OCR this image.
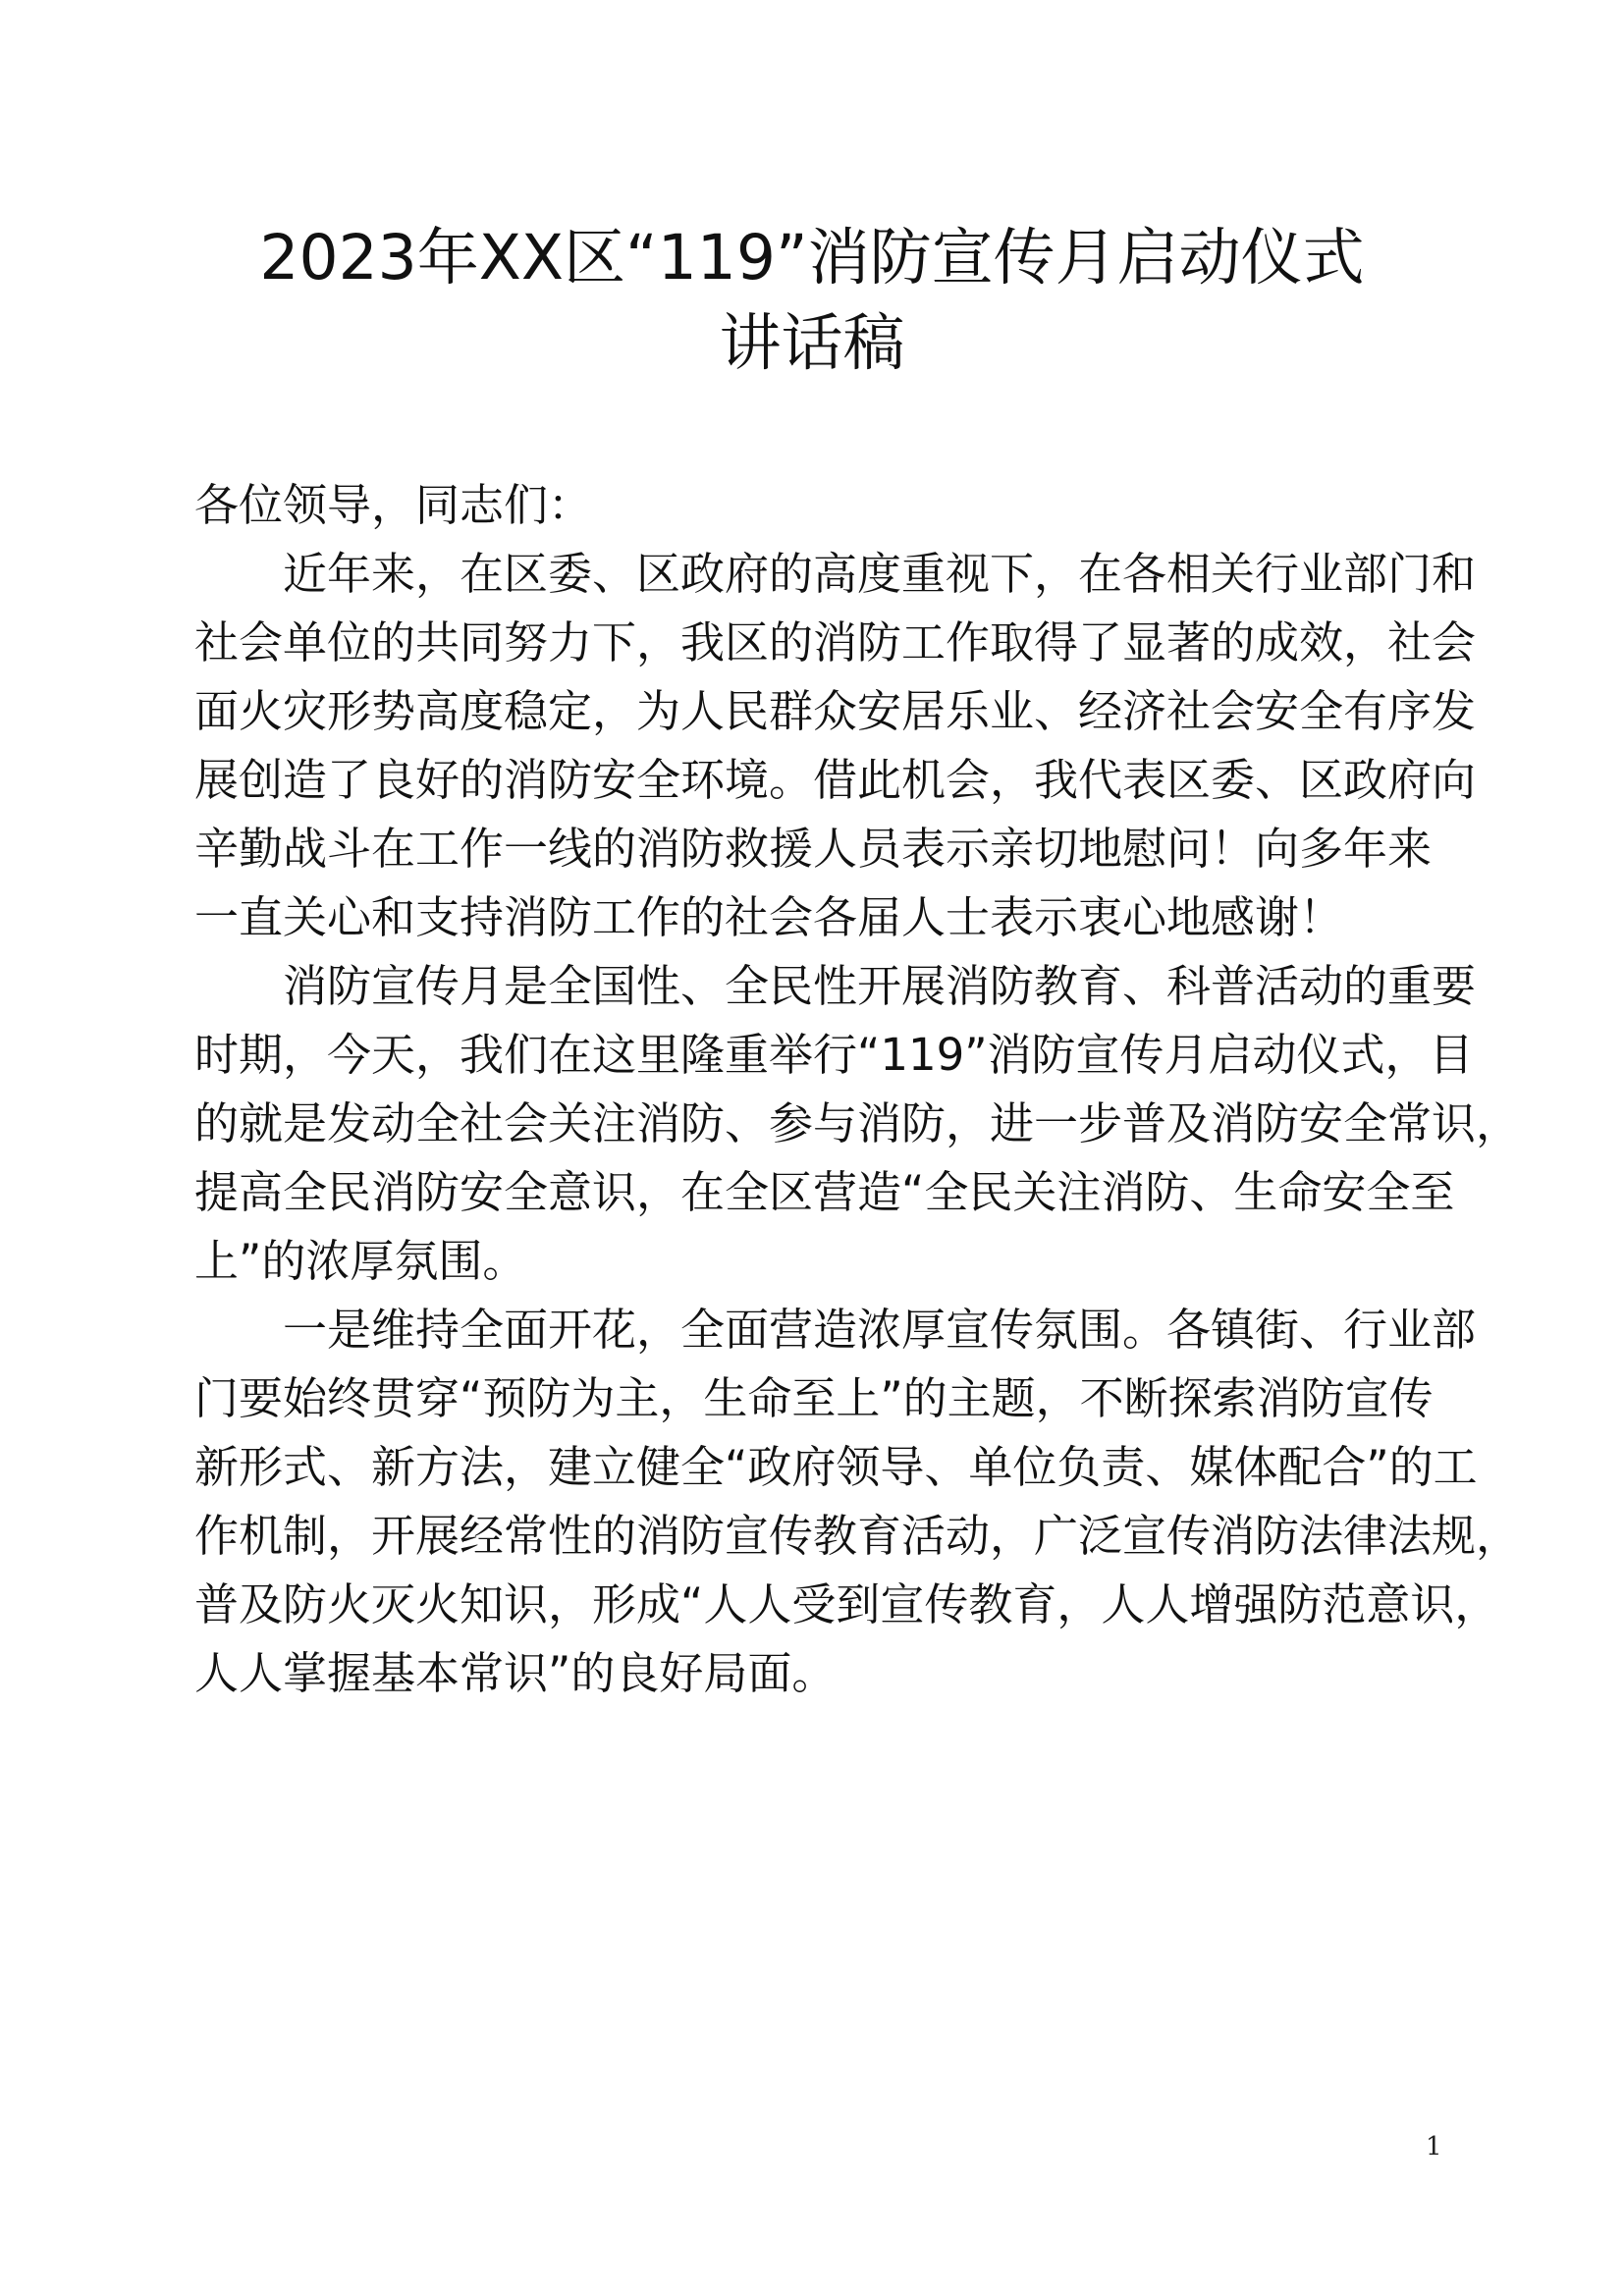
2023年XX区“119”消防宣传月启动仪式
讲话稿

各位领导，同志们：

近年来，在区委、区政府的高度重视下，在各相关行业部门和
社会单位的共同努力下，我区的消防工作取得了显著的成效，社会
面火灾形势高度稳定，为人民群众安居乐业、经济社会安全有序发
展创造了良好的消防安全环境。借此机会，我代表区委、区政府向
辛勤战斗在工作一线的消防救援人员表示亲切地慰问！向多年来
一直关心和支持消防工作的社会各届人士表示衷心地感谢！

消防宣传月是全国性、全民性开展消防教育、科普活动的重要
时期，今天，我们在这里隆重举行“119”消防宣传月启动仪式，目
的就是发动全社会关注消防、参与消防，进一步普及消防安全常识，
提高全民消防安全意识，在全区营造“全民关注消防、生命安全至
上”的浓厚氛围。

一是维持全面开花，全面营造浓厚宣传氛围。各镇街、行业部
门要始终贯穿“预防为主，生命至上”的主题，不断探索消防宣传
新形式、新方法，建立健全“政府领导、单位负责、媒体配合”的工
作机制，开展经常性的消防宣传教育活动，广泛宣传消防法律法规，
普及防火灭火知识，形成“人人受到宣传教育，人人增强防范意识，
人人掌握基本常识”的良好局面。

1
